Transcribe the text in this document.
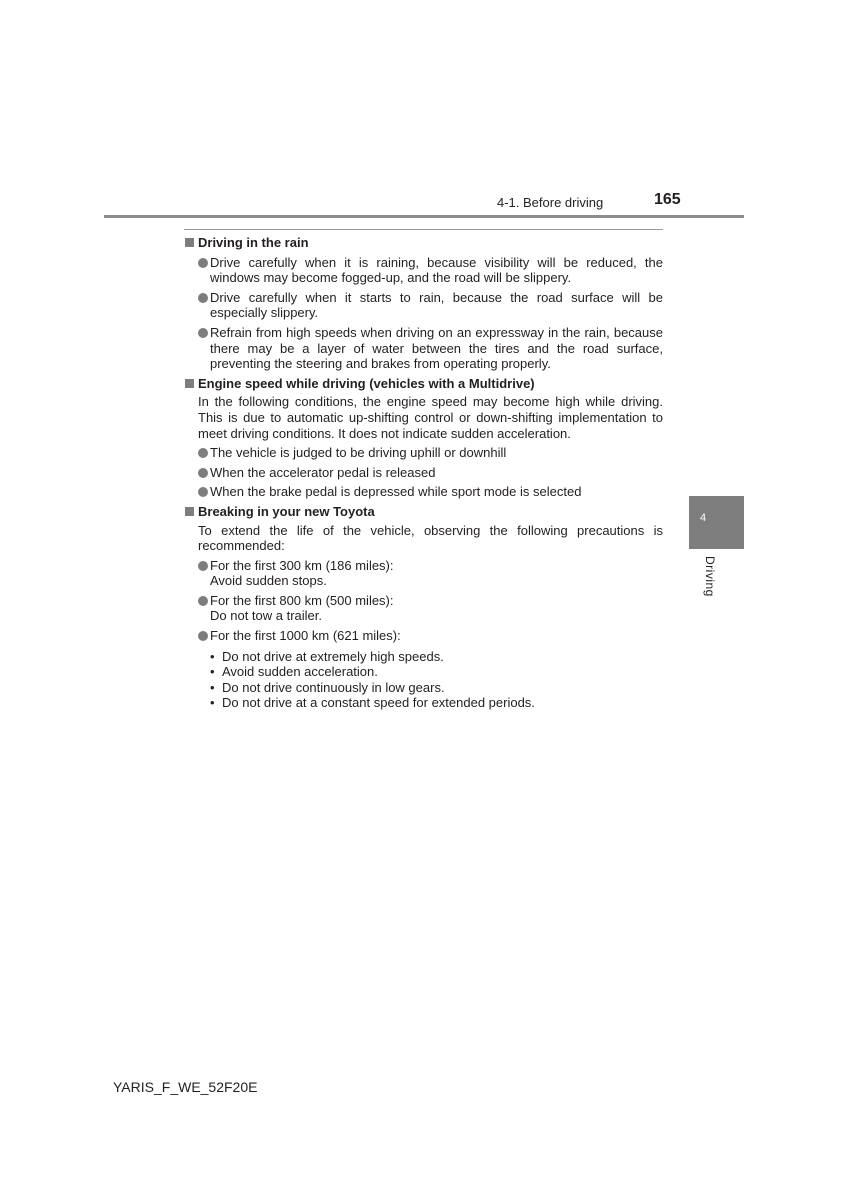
4-1. Before driving	165
Driving in the rain
Drive carefully when it is raining, because visibility will be reduced, the windows may become fogged-up, and the road will be slippery.
Drive carefully when it starts to rain, because the road surface will be especially slippery.
Refrain from high speeds when driving on an expressway in the rain, because there may be a layer of water between the tires and the road surface, preventing the steering and brakes from operating properly.
Engine speed while driving (vehicles with a Multidrive)
In the following conditions, the engine speed may become high while driving. This is due to automatic up-shifting control or down-shifting implementation to meet driving conditions. It does not indicate sudden acceleration.
The vehicle is judged to be driving uphill or downhill
When the accelerator pedal is released
When the brake pedal is depressed while sport mode is selected
Breaking in your new Toyota
To extend the life of the vehicle, observing the following precautions is recommended:
For the first 300 km (186 miles):
Avoid sudden stops.
For the first 800 km (500 miles):
Do not tow a trailer.
For the first 1000 km (621 miles):
• Do not drive at extremely high speeds.
• Avoid sudden acceleration.
• Do not drive continuously in low gears.
• Do not drive at a constant speed for extended periods.
4
Driving
YARIS_F_WE_52F20E
